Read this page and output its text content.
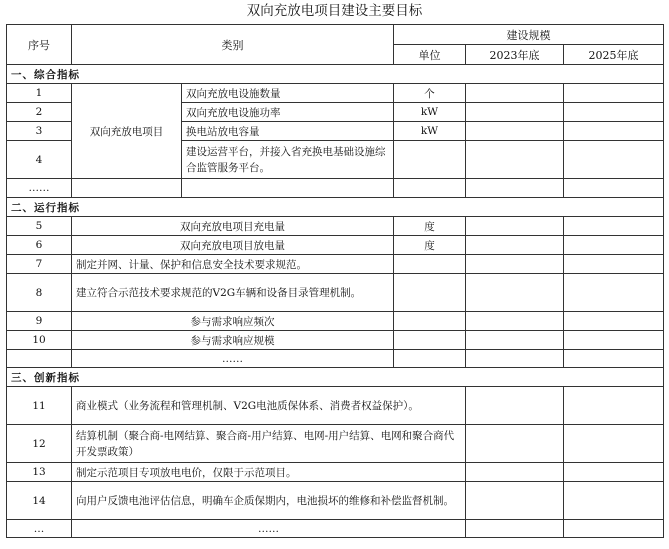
双向充放电项目建设主要目标
序号	类别		建设规模		
			单位	2023年底	2025年底
一、综合指标					
1	双向充放电项目	双向充放电设施数量	个		
2		双向充放电设施功率	kW		
3		换电站放电容量	kW		
4		建设运营平台，并接入省充换电基础设施综合监管服务平台。			
……					
二、运行指标					
5	双向充放电项目充电量		度		
6	双向充放电项目放电量		度		
7	制定并网、计量、保护和信息安全技术要求规范。				
8	建立符合示范技术要求规范的V2G车辆和设备目录管理机制。				
9	参与需求响应频次				
10	参与需求响应规模				
	……				
三、创新指标					
11	商业模式（业务流程和管理机制、V2G电池质保体系、消费者权益保护）。				
12	结算机制（聚合商-电网结算、聚合商-用户结算、电网-用户结算、电网和聚合商代开发票政策）				
13	制定示范项目专项放电电价，仅限于示范项目。				
14	向用户反馈电池评估信息，明确车企质保期内，电池损坏的维修和补偿监督机制。				
…	……				
